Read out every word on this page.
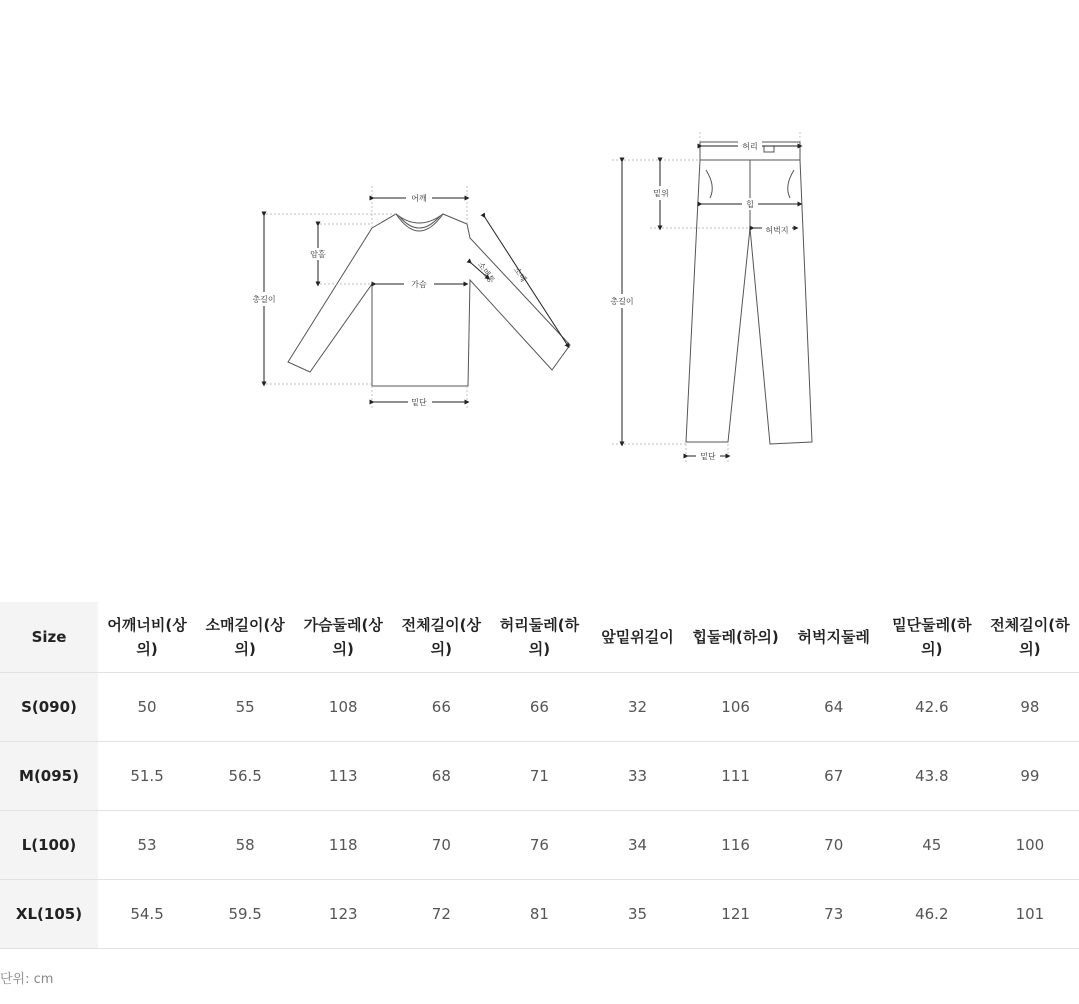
어깨
총길이
암홀
가슴
소매
소매통
밑단
허리
총길이
밑위
힙
허벅지
밑단
Size	어깨너비(상의)	소매길이(상의)	가슴둘레(상의)	전체길이(상의)	허리둘레(하의)	앞밑위길이	힙둘레(하의)	허벅지둘레	밑단둘레(하의)	전체길이(하의)
S(090)	50	55	108	66	66	32	106	64	42.6	98
M(095)	51.5	56.5	113	68	71	33	111	67	43.8	99
L(100)	53	58	118	70	76	34	116	70	45	100
XL(105)	54.5	59.5	123	72	81	35	121	73	46.2	101
단위: cm
